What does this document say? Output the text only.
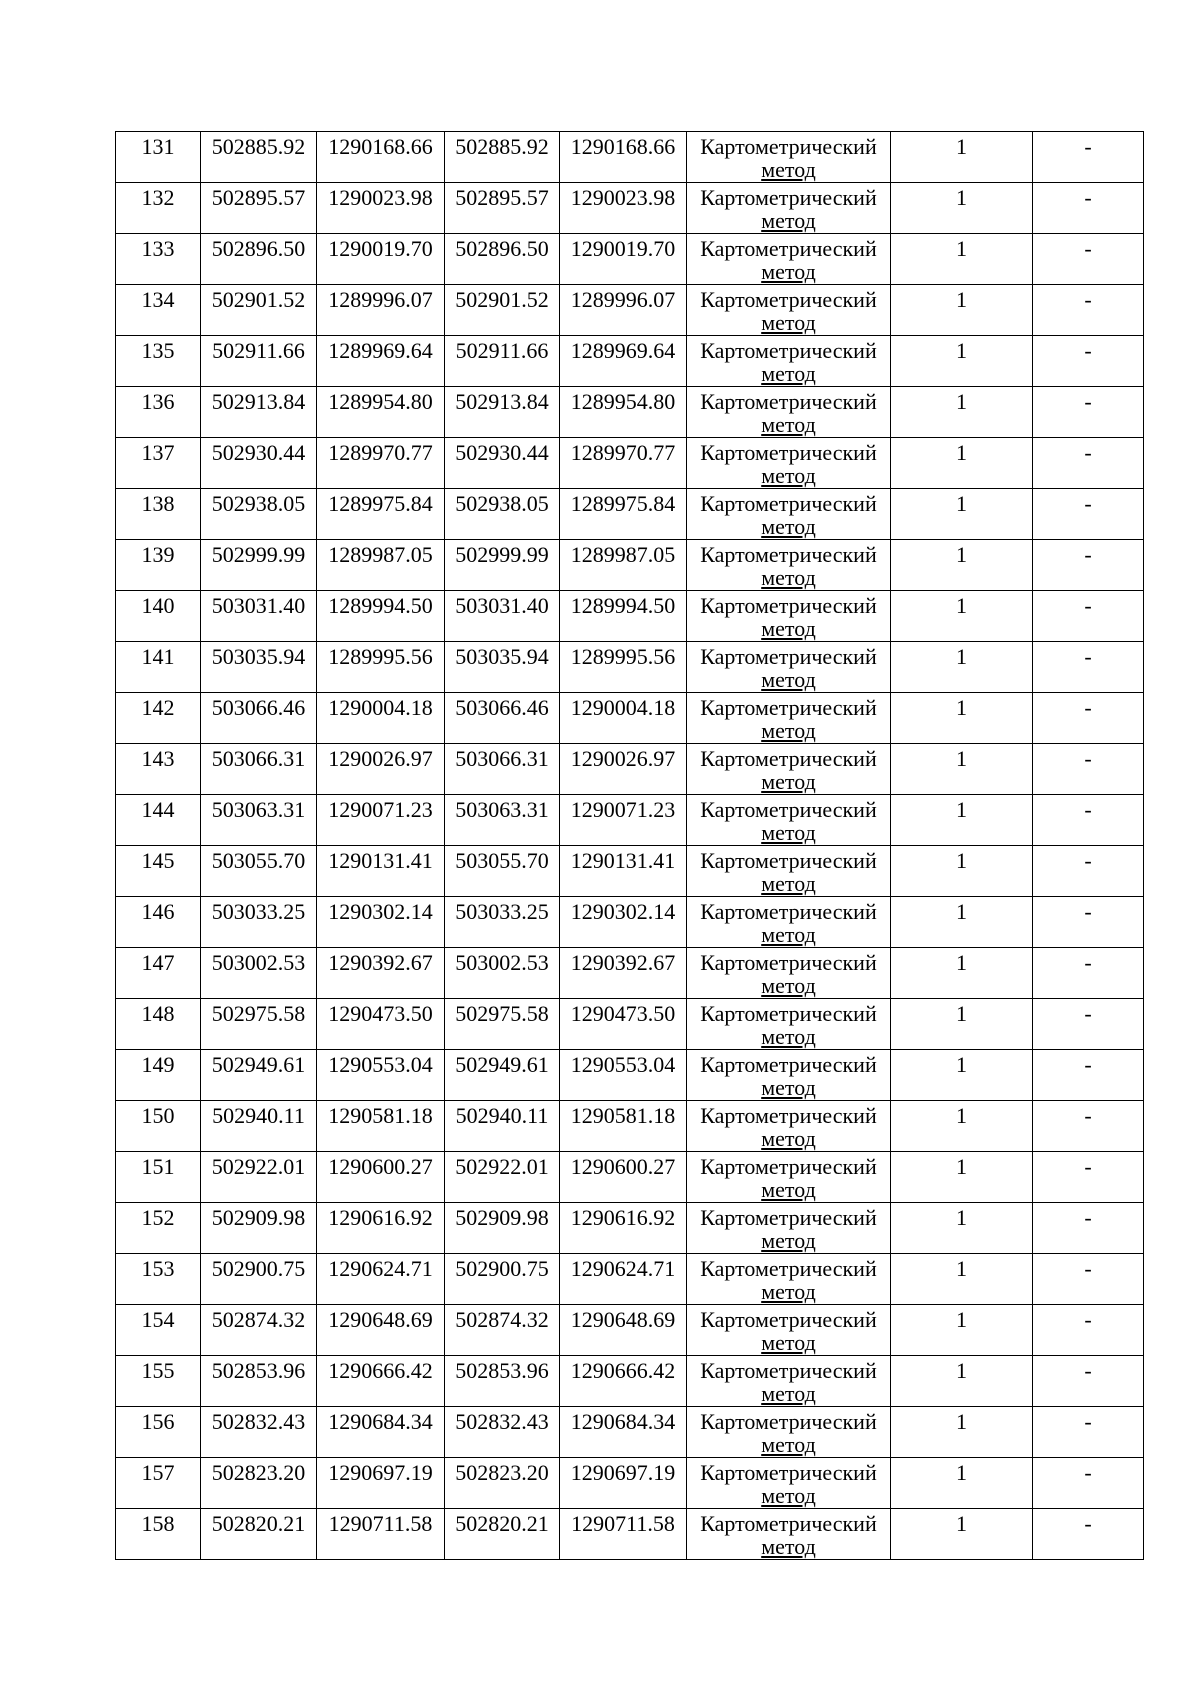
131	502885.92	1290168.66	502885.92	1290168.66	Картометрический
метод	1	-

132	502895.57	1290023.98	502895.57	1290023.98	Картометрический
метод	1	-

133	502896.50	1290019.70	502896.50	1290019.70	Картометрический
метод	1	-

134	502901.52	1289996.07	502901.52	1289996.07	Картометрический
метод	1	-

135	502911.66	1289969.64	502911.66	1289969.64	Картометрический
метод	1	-

136	502913.84	1289954.80	502913.84	1289954.80	Картометрический
метод	1	-

137	502930.44	1289970.77	502930.44	1289970.77	Картометрический
метод	1	-

138	502938.05	1289975.84	502938.05	1289975.84	Картометрический
метод	1	-

139	502999.99	1289987.05	502999.99	1289987.05	Картометрический
метод	1	-

140	503031.40	1289994.50	503031.40	1289994.50	Картометрический
метод	1	-

141	503035.94	1289995.56	503035.94	1289995.56	Картометрический
метод	1	-

142	503066.46	1290004.18	503066.46	1290004.18	Картометрический
метод	1	-

143	503066.31	1290026.97	503066.31	1290026.97	Картометрический
метод	1	-

144	503063.31	1290071.23	503063.31	1290071.23	Картометрический
метод	1	-

145	503055.70	1290131.41	503055.70	1290131.41	Картометрический
метод	1	-

146	503033.25	1290302.14	503033.25	1290302.14	Картометрический
метод	1	-

147	503002.53	1290392.67	503002.53	1290392.67	Картометрический
метод	1	-

148	502975.58	1290473.50	502975.58	1290473.50	Картометрический
метод	1	-

149	502949.61	1290553.04	502949.61	1290553.04	Картометрический
метод	1	-

150	502940.11	1290581.18	502940.11	1290581.18	Картометрический
метод	1	-

151	502922.01	1290600.27	502922.01	1290600.27	Картометрический
метод	1	-

152	502909.98	1290616.92	502909.98	1290616.92	Картометрический
метод	1	-

153	502900.75	1290624.71	502900.75	1290624.71	Картометрический
метод	1	-

154	502874.32	1290648.69	502874.32	1290648.69	Картометрический
метод	1	-

155	502853.96	1290666.42	502853.96	1290666.42	Картометрический
метод	1	-

156	502832.43	1290684.34	502832.43	1290684.34	Картометрический
метод	1	-

157	502823.20	1290697.19	502823.20	1290697.19	Картометрический
метод	1	-

158	502820.21	1290711.58	502820.21	1290711.58	Картометрический
метод	1	-
